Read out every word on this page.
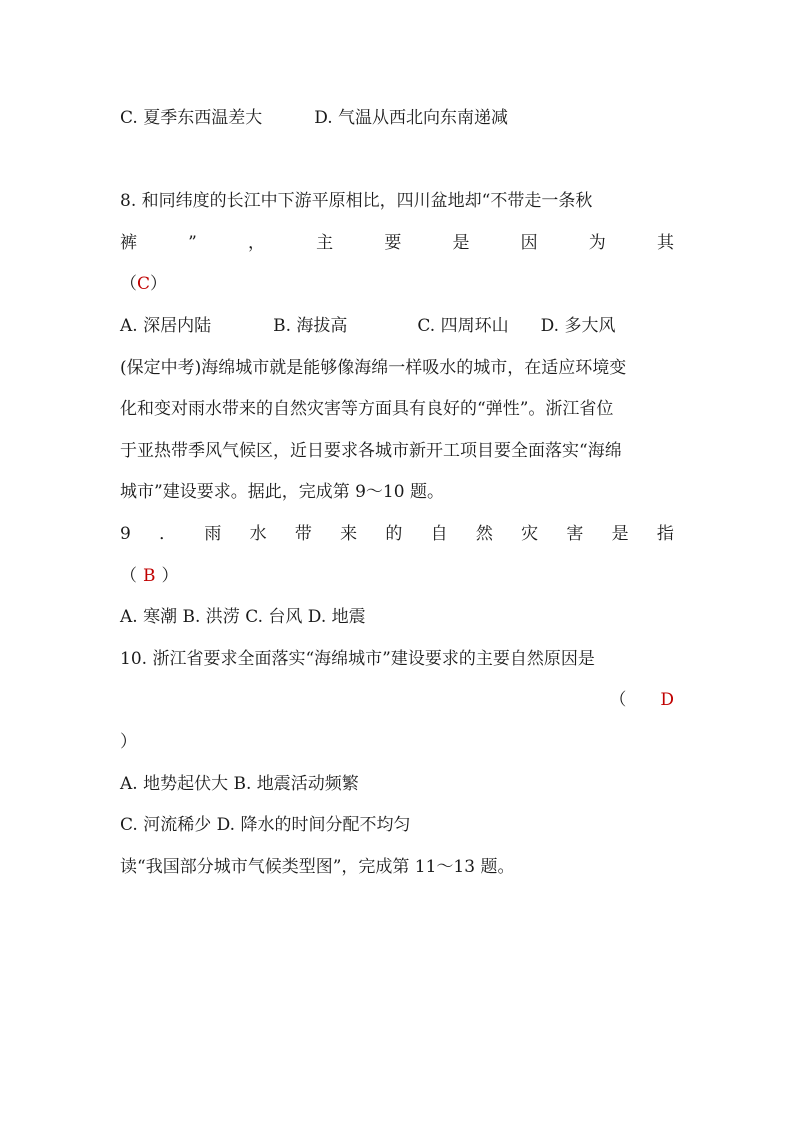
C. 夏季东西温差大	D. 气温从西北向东南递减
8. 和同纬度的长江中下游平原相比，四川盆地却“不带走一条秋
裤	”	，	主	要	是	因	为	其
（C）
A. 深居内陆	B. 海拔高	C. 四周环山 D. 多大风
(保定中考)海绵城市就是能够像海绵一样吸水的城市，在适应环境变
化和变对雨水带来的自然灾害等方面具有良好的“弹性”。浙江省位
于亚热带季风气候区，近日要求各城市新开工项目要全面落实“海绵
城市”建设要求。据此，完成第 9～10 题。
9 ． 雨 水 带 来 的 自 然 灾 害 是 指
（ B ）
A. 寒潮 B. 洪涝 C. 台风 D. 地震
10. 浙江省要求全面落实“海绵城市”建设要求的主要自然原因是
（ D
）
A. 地势起伏大 B. 地震活动频繁
C. 河流稀少 D. 降水的时间分配不均匀
读“我国部分城市气候类型图”，完成第 11～13 题。
